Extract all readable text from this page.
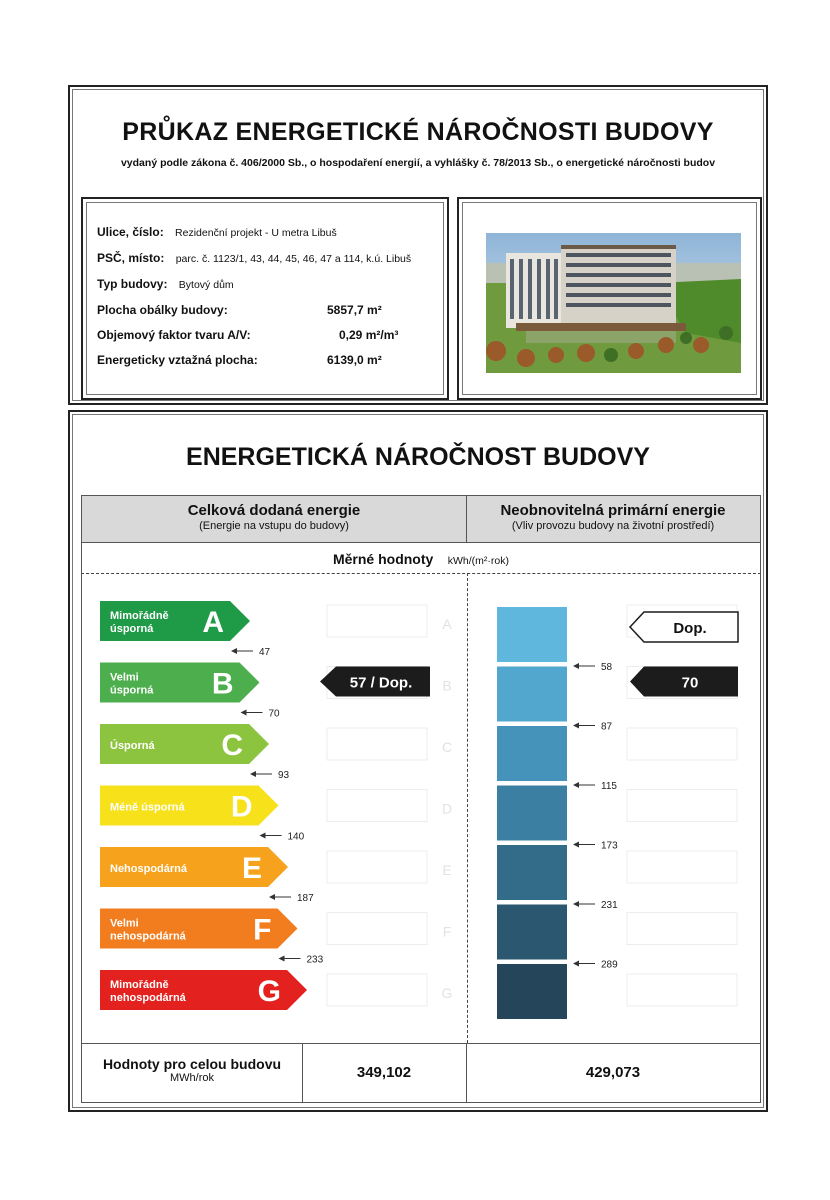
PRŮKAZ ENERGETICKÉ NÁROČNOSTI BUDOVY
vydaný podle zákona č. 406/2000 Sb., o hospodaření energií, a vyhlášky č. 78/2013 Sb., o energetické náročnosti budov
Ulice, číslo: Rezidenční projekt - U metra Libuš
PSČ, místo: parc. č. 1123/1, 43, 44, 45, 46, 47 a 114, k.ú. Libuš
Typ budovy: Bytový dům
Plocha obálky budovy:	5857,7 m²
Objemový faktor tvaru A/V:	0,29 m²/m³
Energeticky vztažná plocha:	6139,0 m²
ENERGETICKÁ NÁROČNOST BUDOVY
Celková dodaná energie
(Energie na vstupu do budovy)
Neobnovitelná primární energie
(Vliv provozu budovy na životní prostředí)
Měrné hodnoty $_{kWh/(m^2\cdot rok)}$
Mimořádně
úsporná A
47
A
Velmi
úsporná B
70
B
Úsporná C
93
C
Méně úsporná D
140
D
Nehospodárná E
187
E
Velmi
nehospodárná F
233
F
Mimořádně
nehospodárná G	G
57 / Dop.
58
87
115
173
231
289
Dop.
70
Hodnoty pro celou budovu
MWh/rok	349,102	429,073
